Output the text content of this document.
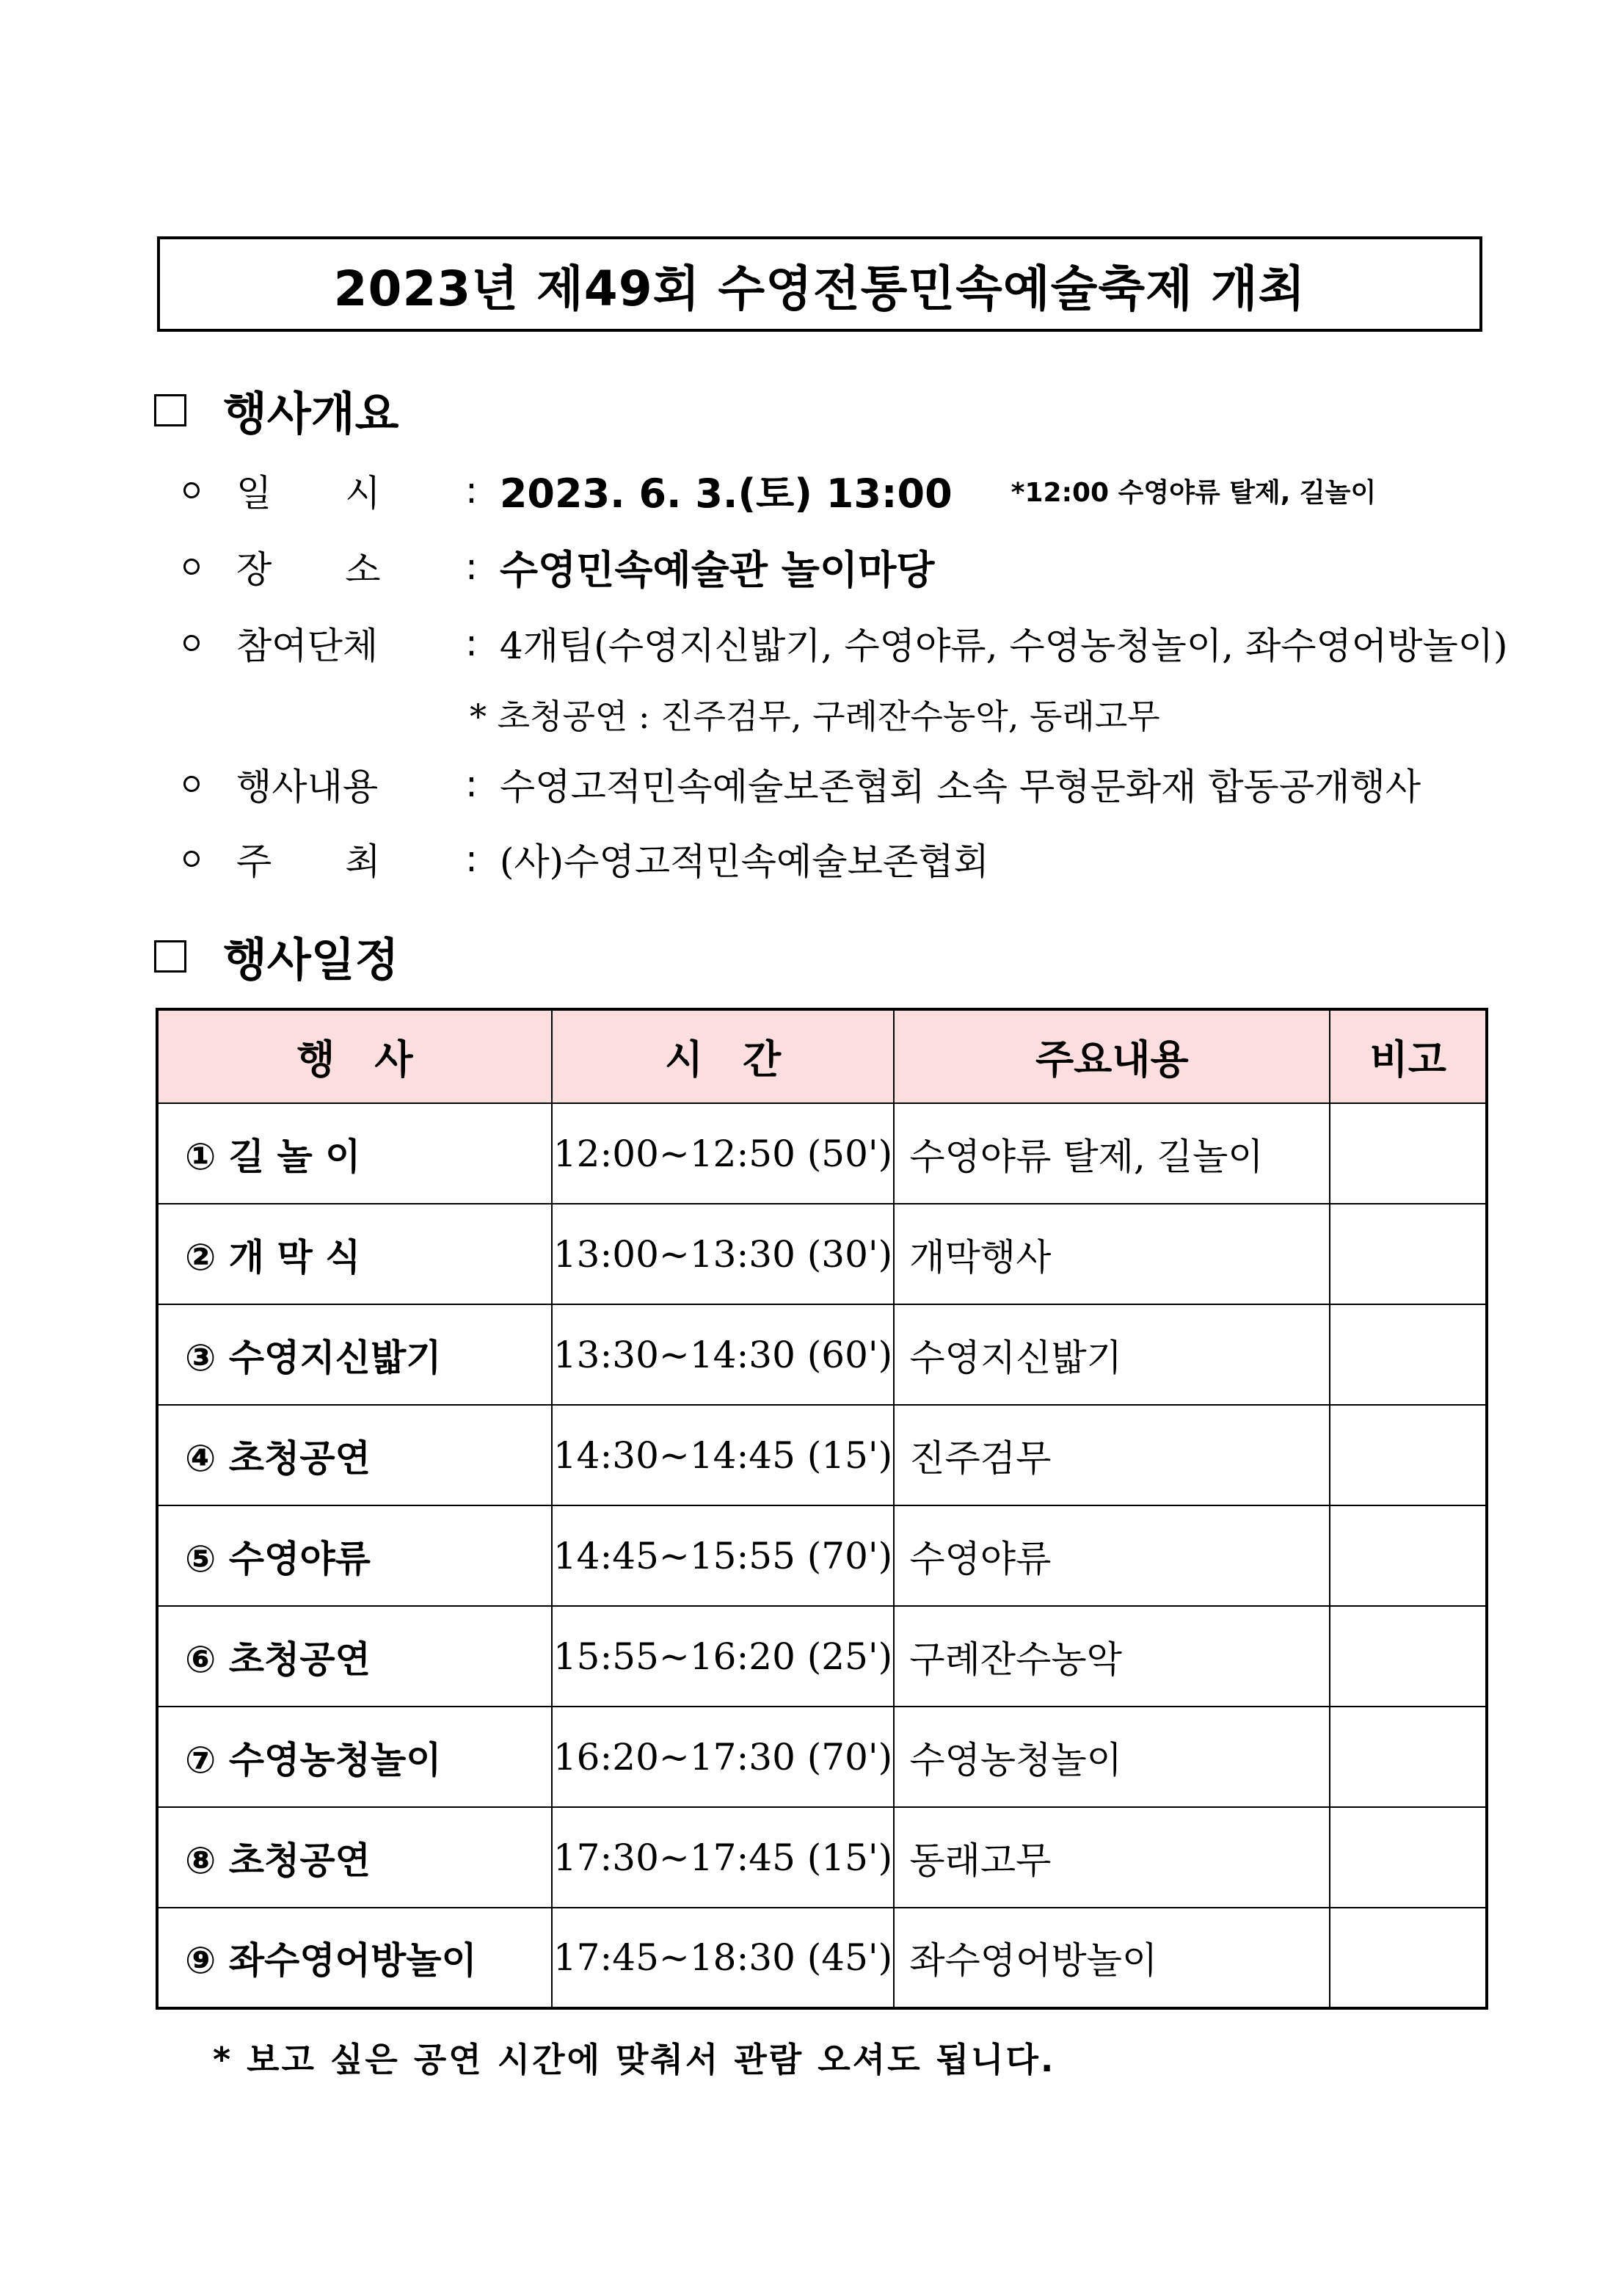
2023년 제49회 수영전통민속예술축제 개최
행사개요
일　　시	: 2023. 6. 3.(토) 13:00 *12:00 수영야류 탈제, 길놀이
장　　소	: 수영민속예술관 놀이마당
참여단체	: 4개팀(수영지신밟기, 수영야류, 수영농청놀이, 좌수영어방놀이)
* 초청공연 : 진주검무, 구례잔수농악, 동래고무
행사내용	: 수영고적민속예술보존협회 소속 무형문화재 합동공개행사
주　　최	: (사)수영고적민속예술보존협회
행사일정
행　사	시　간	주요내용	비고
① 길 놀 이	12:00~12:50 (50')	수영야류 탈제, 길놀이	
② 개 막 식	13:00~13:30 (30')	개막행사	
③ 수영지신밟기	13:30~14:30 (60')	수영지신밟기	
④ 초청공연	14:30~14:45 (15')	진주검무	
⑤ 수영야류	14:45~15:55 (70')	수영야류	
⑥ 초청공연	15:55~16:20 (25')	구례잔수농악	
⑦ 수영농청놀이	16:20~17:30 (70')	수영농청놀이	
⑧ 초청공연	17:30~17:45 (15')	동래고무	
⑨ 좌수영어방놀이	17:45~18:30 (45')	좌수영어방놀이	
* 보고 싶은 공연 시간에 맞춰서 관람 오셔도 됩니다.
